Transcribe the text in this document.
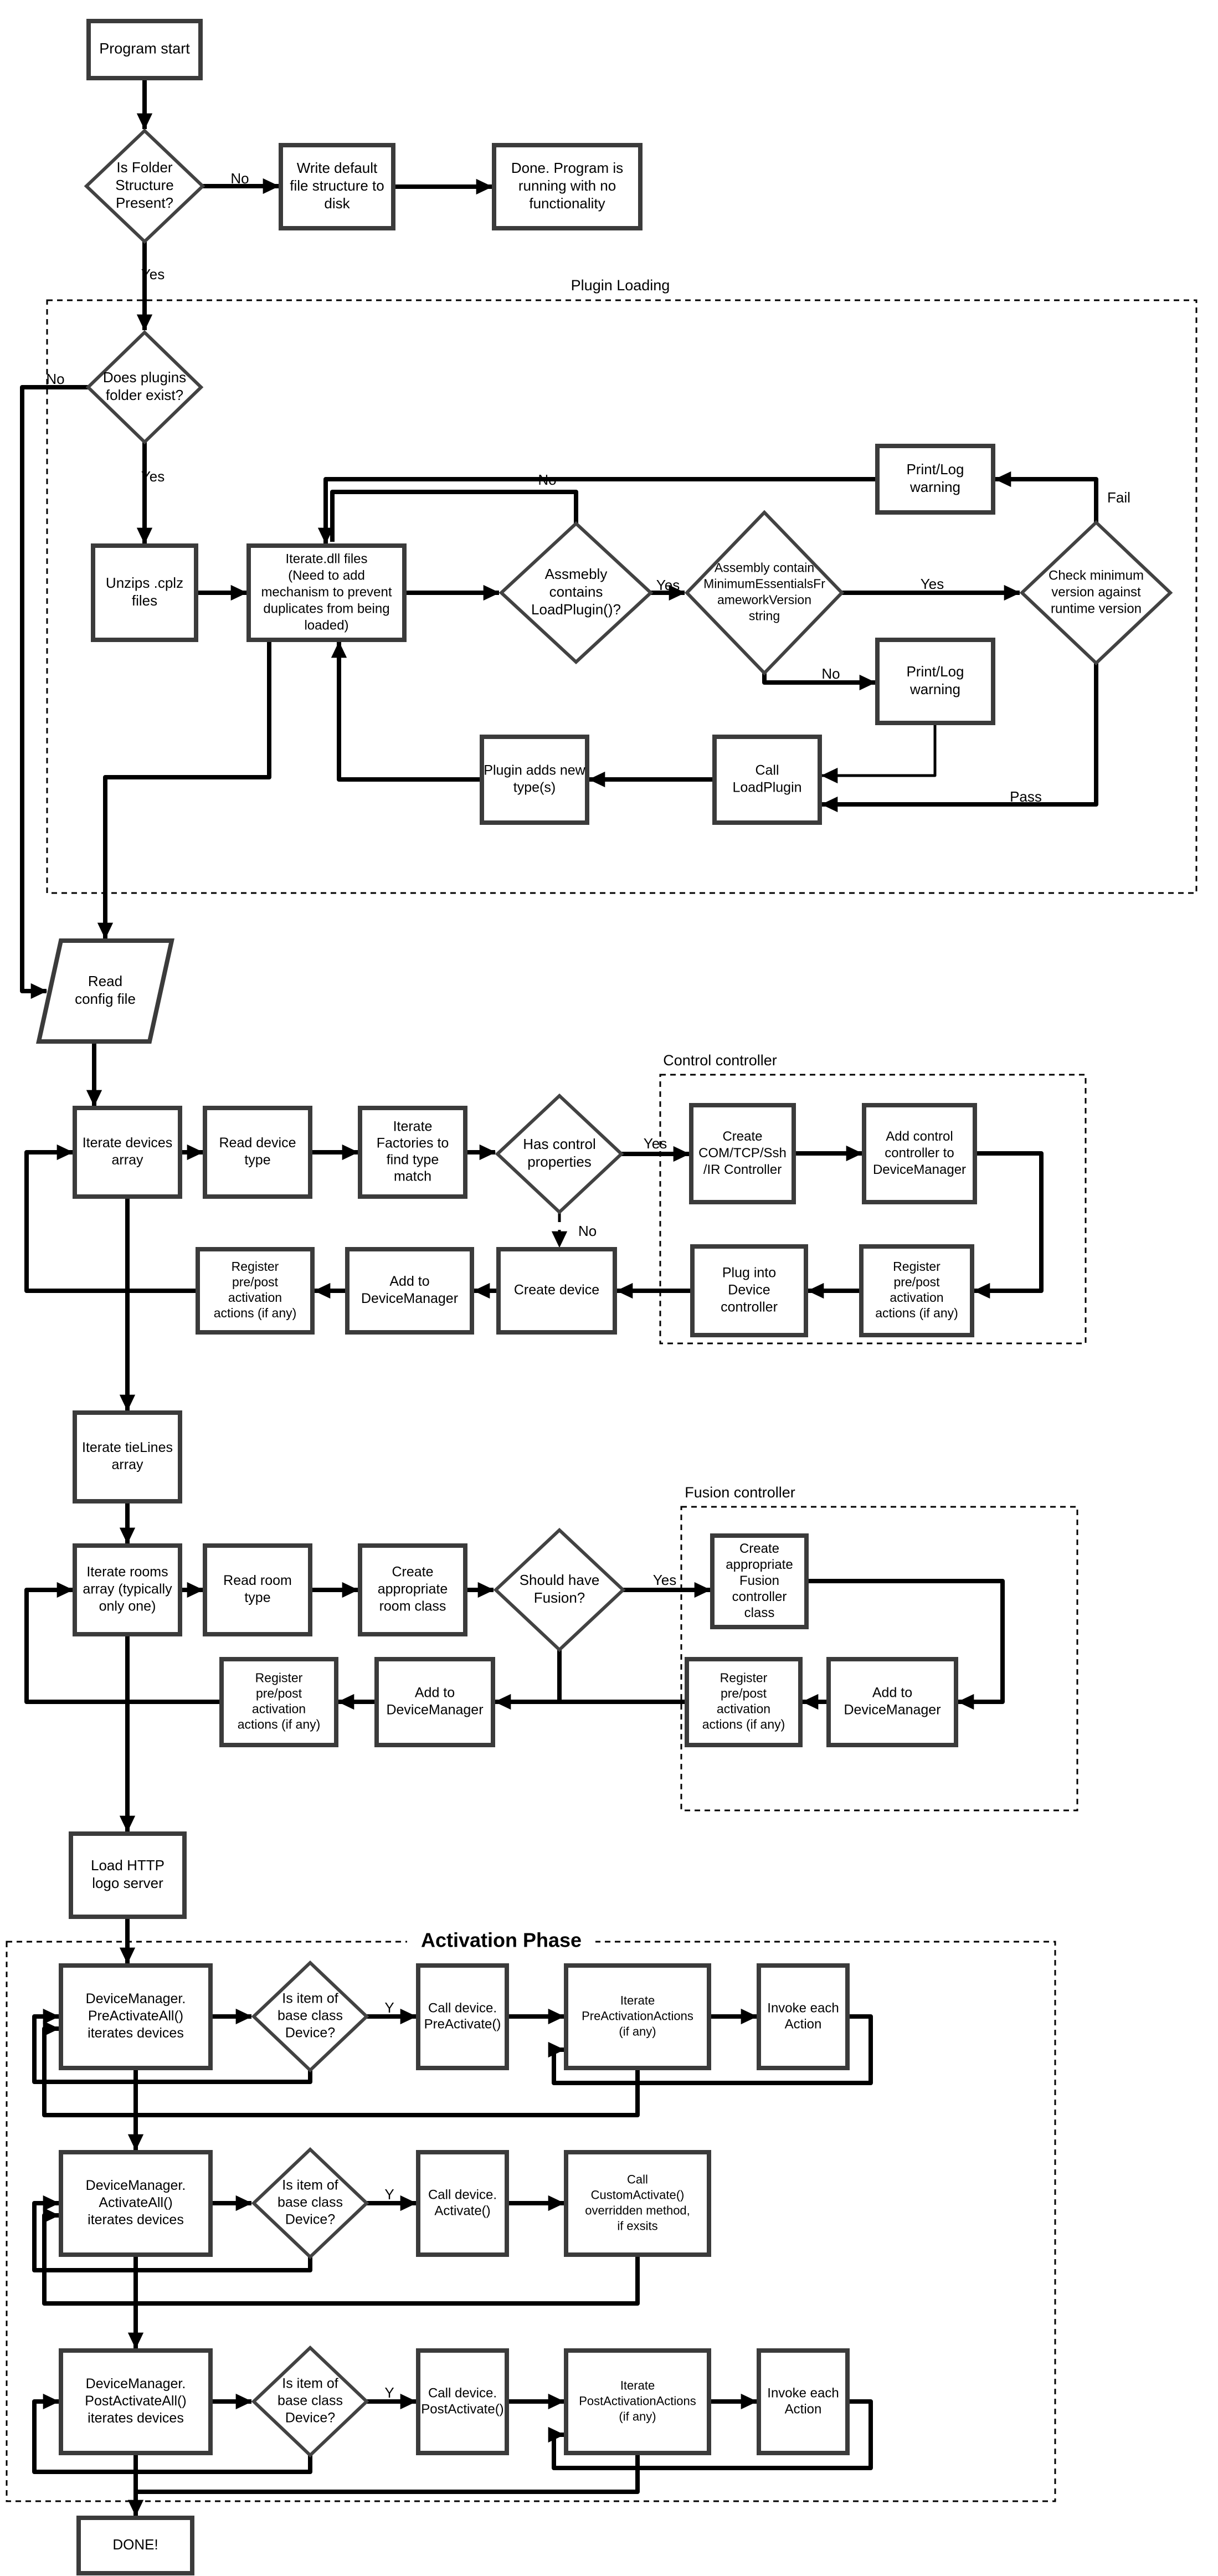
Program start
Is Folder Structure Present?
Write default file structure to disk
Done. Program is running with no functionality
Does plugins folder exist?
Unzips .cplz files
Iterate.dll files (Need to add mechanism to prevent duplicates from being loaded)
Assmebly contains LoadPlugin()?
Assembly contain MinimumEssentialsFr ameworkVersion string
Check minimum version against runtime version
Print/Log warning
Print/Log warning
Plugin adds new type(s)
Call LoadPlugin
Read config file
Iterate devices array
Read device type
Iterate Factories to find type match
Has control properties
Create COM/TCP/Ssh /IR Controller
Add control controller to DeviceManager
Register pre/post activation actions (if any)
Plug into Device controller
Create device
Add to DeviceManager
Register pre/post activation actions (if any)
Iterate tieLines array
Iterate rooms array (typically only one)
Read room type
Create appropriate room class
Should have Fusion?
Create appropriate Fusion controller class
Add to DeviceManager
Register pre/post activation actions (if any)
Add to DeviceManager
Register pre/post activation actions (if any)
Load HTTP logo server
DeviceManager. PreActivateAll() iterates devices
Is item of base class Device?
Call device. PreActivate()
Iterate PreActivationActions (if any)
Invoke each Action
DeviceManager. ActivateAll() iterates devices
Is item of base class Device?
Call device. Activate()
Call CustomActivate() overridden method, if exsits
DeviceManager. PostActivateAll() iterates devices
Is item of base class Device?
Call device. PostActivate()
Iterate PostActivationActions (if any)
Invoke each Action
DONE!
Plugin Loading
Control controller
Fusion controller
Activation Phase
No
Yes
No
Yes
Yes
No
Yes
Fail
No
Pass
Yes
No
Yes
Y
Y
Y
